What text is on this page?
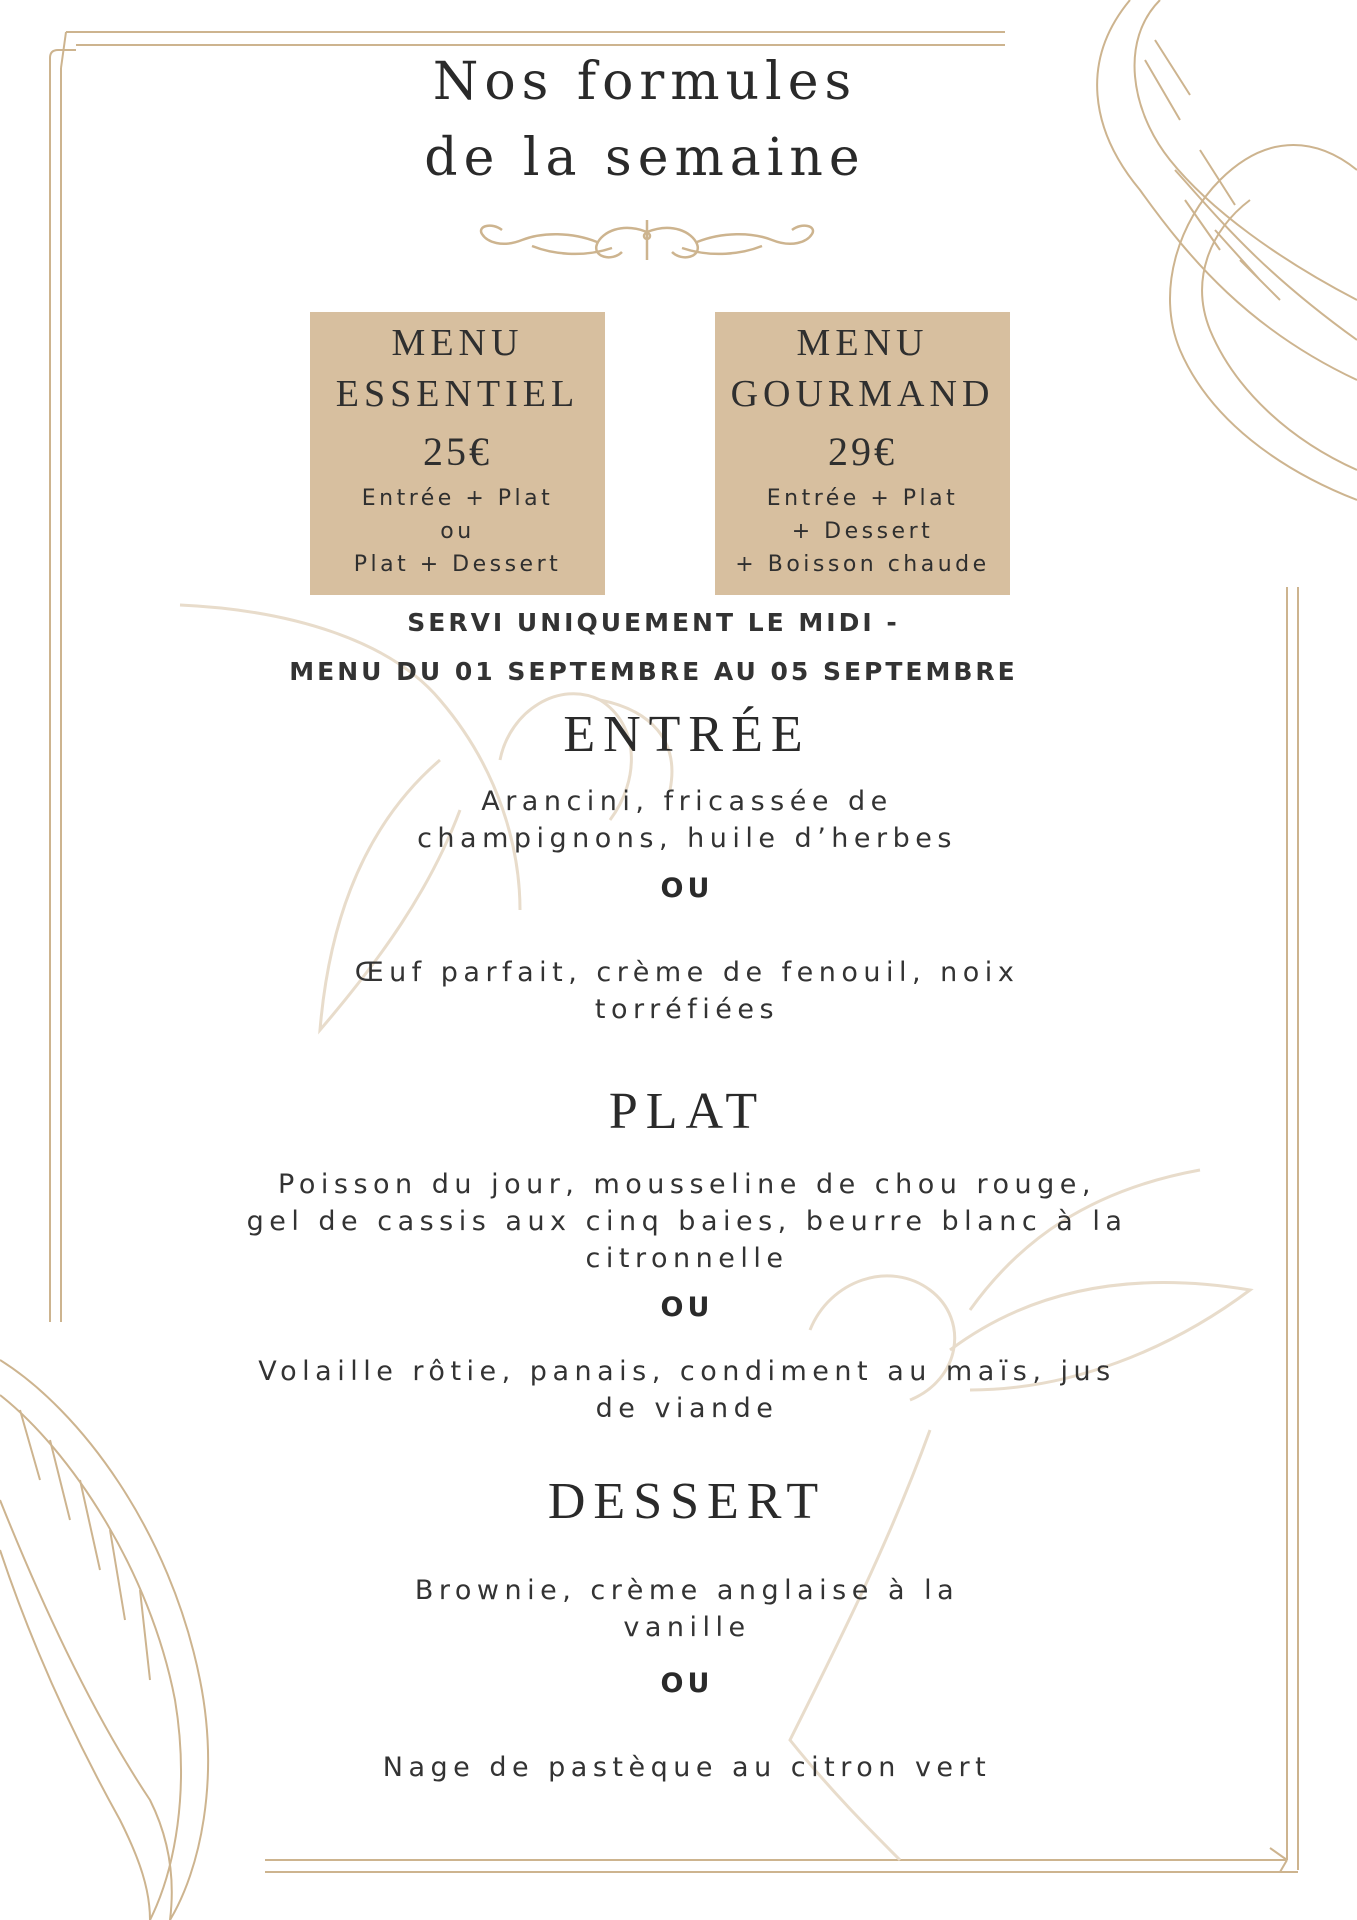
Nos formules
de la semaine
MENU
ESSENTIEL
25€
Entrée + Plat
ou
Plat + Dessert
MENU
GOURMAND
29€
Entrée + Plat
+ Dessert
+ Boisson chaude
SERVI UNIQUEMENT LE MIDI -
MENU DU 01 SEPTEMBRE AU 05 SEPTEMBRE
ENTRÉE
Arancini, fricassée de
champignons, huile d’herbes
OU
Œuf parfait, crème de fenouil, noix
torréfiées
PLAT
Poisson du jour, mousseline de chou rouge,
gel de cassis aux cinq baies, beurre blanc à la
citronnelle
OU
Volaille rôtie, panais, condiment au maïs, jus
de viande
DESSERT
Brownie, crème anglaise à la
vanille
OU
Nage de pastèque au citron vert
